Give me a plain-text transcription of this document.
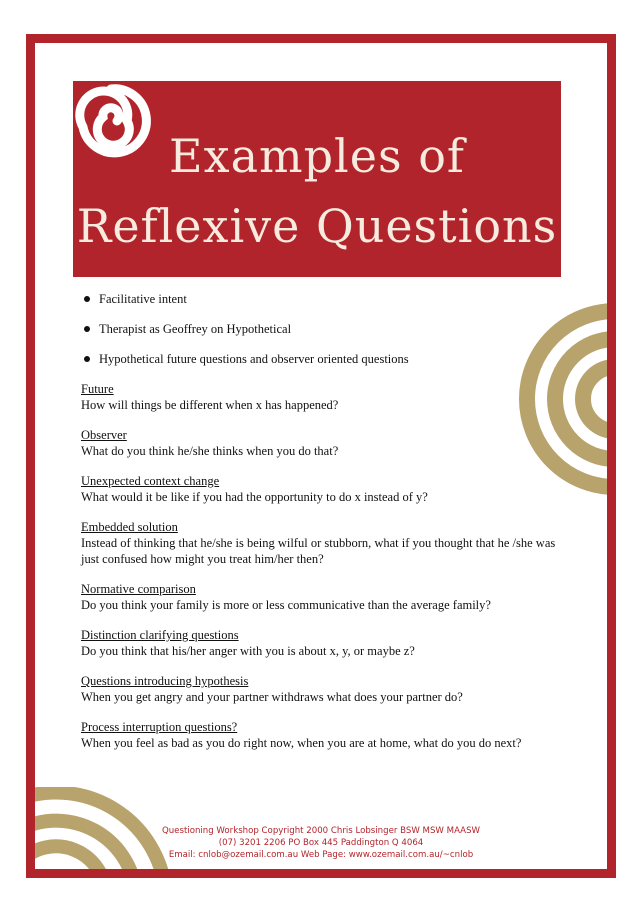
Examples of
Reflexive Questions
Facilitative intent
Therapist as Geoffrey on Hypothetical
Hypothetical future questions and observer oriented questions
Future
How will things be different when x has happened?
Observer
What do you think he/she thinks when you do that?
Unexpected context change
What would it be like if you had the opportunity to do x instead of y?
Embedded solution
Instead of thinking that he/she is being wilful or stubborn, what if you thought that he /she was just confused how might you treat him/her then?
Normative comparison
Do you think your family is more or less communicative than the average family?
Distinction clarifying questions
Do you think that his/her anger with you is about x, y, or maybe z?
Questions introducing hypothesis
When you get angry and your partner withdraws what does your partner do?
Process interruption questions?
When you feel as bad as you do right now, when you are at home, what do you do next?
Questioning Workshop Copyright 2000 Chris Lobsinger BSW MSW MAASW
(07) 3201 2206 PO Box 445 Paddington Q 4064
Email: cnlob@ozemail.com.au Web Page: www.ozemail.com.au/~cnlob
